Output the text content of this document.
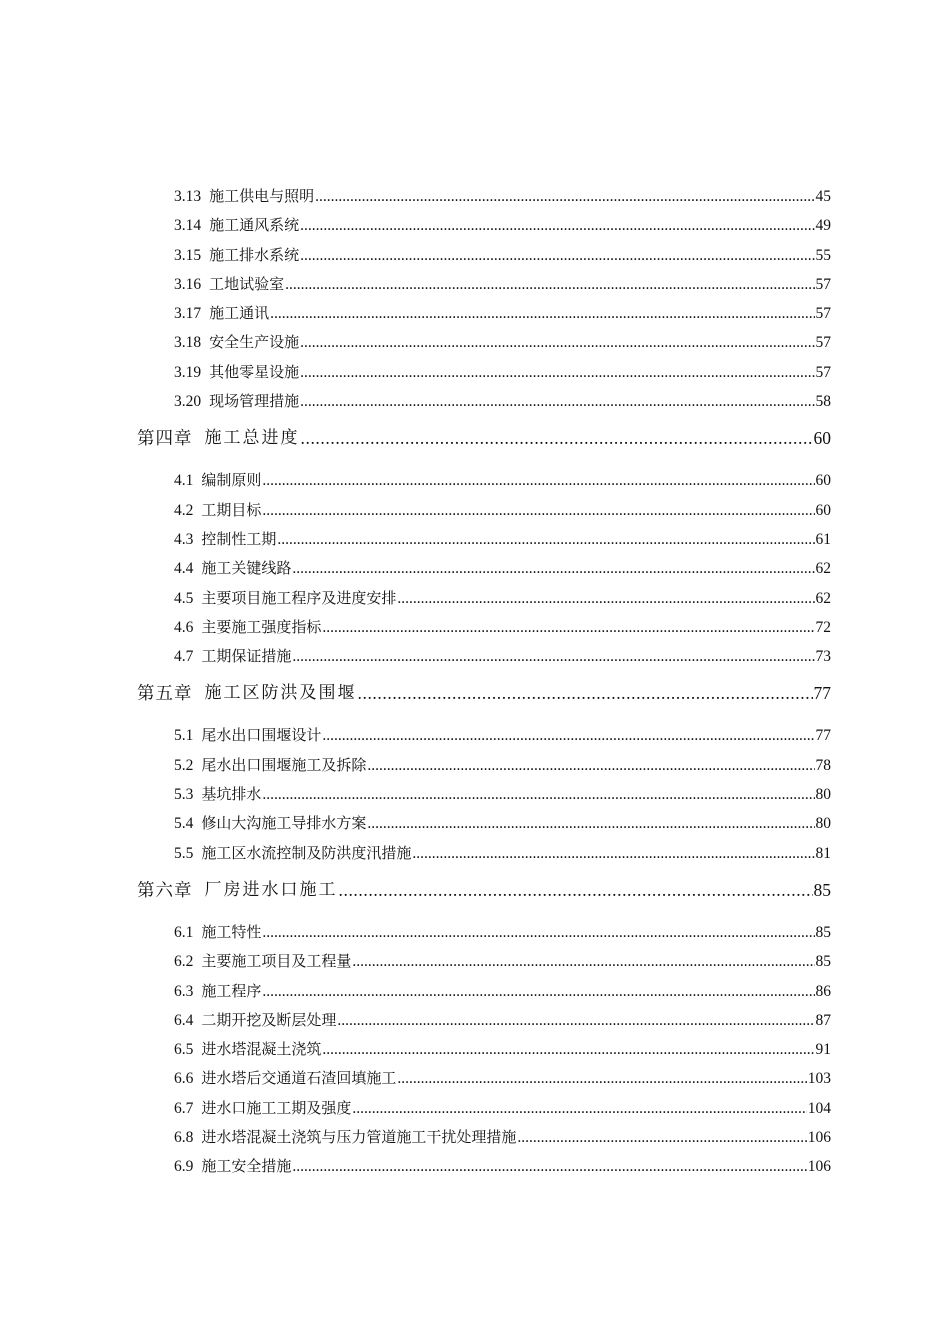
3.13 施工供电与照明 .....	45
3.14 施工通风系统 .....	49
3.15 施工排水系统 .....	55
3.16 工地试验室 .....	57
3.17 施工通讯 .....	57
3.18 安全生产设施 .....	57
3.19 其他零星设施 .....	57
3.20 现场管理措施 .....	58
第四章 施工总进度 .....	60
4.1 编制原则 .....	60
4.2 工期目标 .....	60
4.3 控制性工期 .....	61
4.4 施工关键线路 .....	62
4.5 主要项目施工程序及进度安排 .....	62
4.6 主要施工强度指标 .....	72
4.7 工期保证措施 .....	73
第五章 施工区防洪及围堰 .....	77
5.1 尾水出口围堰设计 .....	77
5.2 尾水出口围堰施工及拆除 .....	78
5.3 基坑排水 .....	80
5.4 修山大沟施工导排水方案 .....	80
5.5 施工区水流控制及防洪度汛措施 .....	81
第六章 厂房进水口施工 .....	85
6.1 施工特性 .....	85
6.2 主要施工项目及工程量 .....	85
6.3 施工程序 .....	86
6.4 二期开挖及断层处理 .....	87
6.5 进水塔混凝土浇筑 .....	91
6.6 进水塔后交通道石渣回填施工 .....	103
6.7 进水口施工工期及强度 .....	104
6.8 进水塔混凝土浇筑与压力管道施工干扰处理措施 .....	106
6.9 施工安全措施 .....	106
